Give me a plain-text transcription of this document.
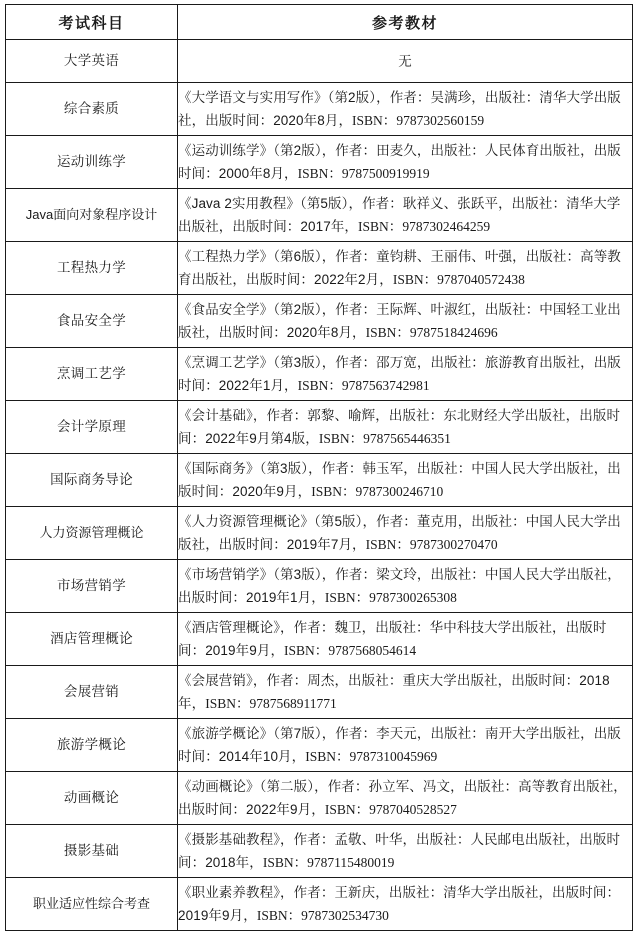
考试科目	参考教材
大学英语	无
综合素质	《大学语文与实用写作》（第2版），作者：吴满珍，出版社：清华大学出版社，出版时间：2020年8月，ISBN：9787302560159
运动训练学	《运动训练学》（第2版），作者：田麦久，出版社：人民体育出版社，出版时间：2000年8月，ISBN：9787500919919
Java面向对象程序设计	《Java 2实用教程》（第5版），作者：耿祥义、张跃平，出版社：清华大学出版社，出版时间：2017年，ISBN：9787302464259
工程热力学	《工程热力学》（第6版），作者：童钧耕、王丽伟、叶强，出版社：高等教育出版社，出版时间：2022年2月，ISBN：9787040572438
食品安全学	《食品安全学》（第2版），作者：王际辉、叶淑红，出版社：中国轻工业出版社，出版时间：2020年8月，ISBN：9787518424696
烹调工艺学	《烹调工艺学》（第3版），作者：邵万宽，出版社：旅游教育出版社，出版时间：2022年1月，ISBN：9787563742981
会计学原理	《会计基础》，作者：郭黎、喻辉，出版社：东北财经大学出版社，出版时间：2022年9月第4版，ISBN：9787565446351
国际商务导论	《国际商务》（第3版），作者：韩玉军，出版社：中国人民大学出版社，出版时间：2020年9月，ISBN：9787300246710
人力资源管理概论	《人力资源管理概论》（第5版），作者：董克用，出版社：中国人民大学出版社，出版时间：2019年7月，ISBN：9787300270470
市场营销学	《市场营销学》（第3版），作者：梁文玲，出版社：中国人民大学出版社，出版时间：2019年1月，ISBN：9787300265308
酒店管理概论	《酒店管理概论》，作者：魏卫，出版社：华中科技大学出版社，出版时间：2019年9月，ISBN：9787568054614
会展营销	《会展营销》，作者：周杰，出版社：重庆大学出版社，出版时间：2018年，ISBN：9787568911771
旅游学概论	《旅游学概论》（第7版），作者：李天元，出版社：南开大学出版社，出版时间：2014年10月，ISBN：9787310045969
动画概论	《动画概论》（第二版），作者：孙立军、冯文，出版社：高等教育出版社，出版时间：2022年9月，ISBN：9787040528527
摄影基础	《摄影基础教程》，作者：孟敬、叶华，出版社：人民邮电出版社，出版时间：2018年，ISBN：9787115480019
职业适应性综合考查	《职业素养教程》，作者：王新庆，出版社：清华大学出版社，出版时间：2019年9月，ISBN：9787302534730
